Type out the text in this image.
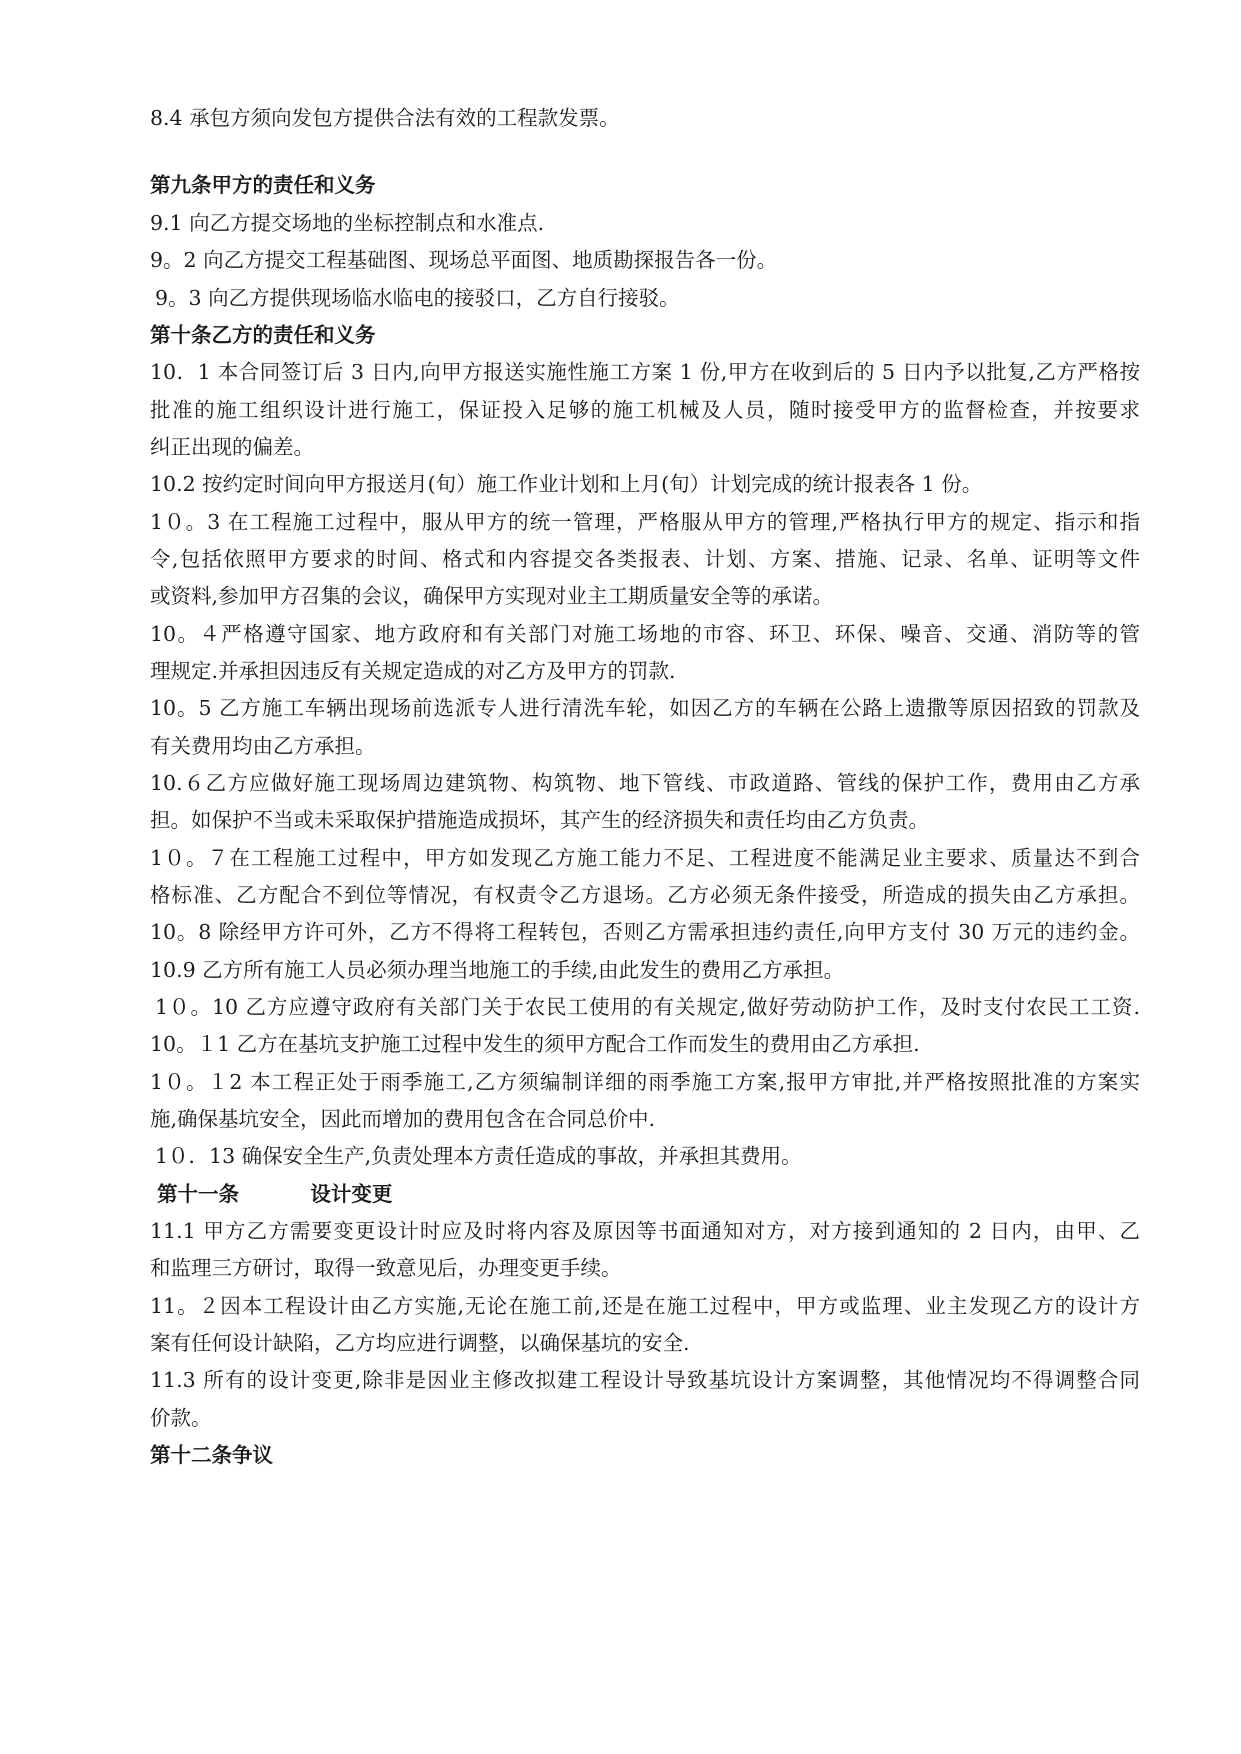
8.4 承包方须向发包方提供合法有效的工程款发票。
第九条甲方的责任和义务
9.1 向乙方提交场地的坐标控制点和水准点.
9。2 向乙方提交工程基础图、现场总平面图、地质勘探报告各一份。
9。3 向乙方提供现场临水临电的接驳口，乙方自行接驳。
第十条乙方的责任和义务
10．1 本合同签订后 3 日内,向甲方报送实施性施工方案 1 份,甲方在收到后的 5 日内予以批复,乙方严格按
批准的施工组织设计进行施工，保证投入足够的施工机械及人员，随时接受甲方的监督检查，并按要求
纠正出现的偏差。
10.2 按约定时间向甲方报送月(旬）施工作业计划和上月(旬）计划完成的统计报表各 1 份。
1０。3 在工程施工过程中，服从甲方的统一管理，严格服从甲方的管理,严格执行甲方的规定、指示和指
令,包括依照甲方要求的时间、格式和内容提交各类报表、计划、方案、措施、记录、名单、证明等文件
或资料,参加甲方召集的会议，确保甲方实现对业主工期质量安全等的承诺。
10。４严格遵守国家、地方政府和有关部门对施工场地的市容、环卫、环保、噪音、交通、消防等的管
理规定.并承担因违反有关规定造成的对乙方及甲方的罚款.
10。5 乙方施工车辆出现场前选派专人进行清洗车轮，如因乙方的车辆在公路上遗撒等原因招致的罚款及
有关费用均由乙方承担。
10.６乙方应做好施工现场周边建筑物、构筑物、地下管线、市政道路、管线的保护工作，费用由乙方承
担。如保护不当或未采取保护措施造成损坏，其产生的经济损失和责任均由乙方负责。
1０。７在工程施工过程中，甲方如发现乙方施工能力不足、工程进度不能满足业主要求、质量达不到合
格标准、乙方配合不到位等情况，有权责令乙方退场。乙方必须无条件接受，所造成的损失由乙方承担。
10。8 除经甲方许可外，乙方不得将工程转包，否则乙方需承担违约责任,向甲方支付 30 万元的违约金。
10.9 乙方所有施工人员必须办理当地施工的手续,由此发生的费用乙方承担。
1０。10 乙方应遵守政府有关部门关于农民工使用的有关规定,做好劳动防护工作，及时支付农民工工资.
10。１1 乙方在基坑支护施工过程中发生的须甲方配合工作而发生的费用由乙方承担.
1０。１2 本工程正处于雨季施工,乙方须编制详细的雨季施工方案,报甲方审批,并严格按照批准的方案实
施,确保基坑安全，因此而增加的费用包含在合同总价中.
1０．13 确保安全生产,负责处理本方责任造成的事故，并承担其费用。
第十一条          设计变更
11.1 甲方乙方需要变更设计时应及时将内容及原因等书面通知对方，对方接到通知的 2 日内，由甲、乙
和监理三方研讨，取得一致意见后，办理变更手续。
11。２因本工程设计由乙方实施,无论在施工前,还是在施工过程中，甲方或监理、业主发现乙方的设计方
案有任何设计缺陷，乙方均应进行调整，以确保基坑的安全.
11.3 所有的设计变更,除非是因业主修改拟建工程设计导致基坑设计方案调整，其他情况均不得调整合同
价款。
第十二条争议
